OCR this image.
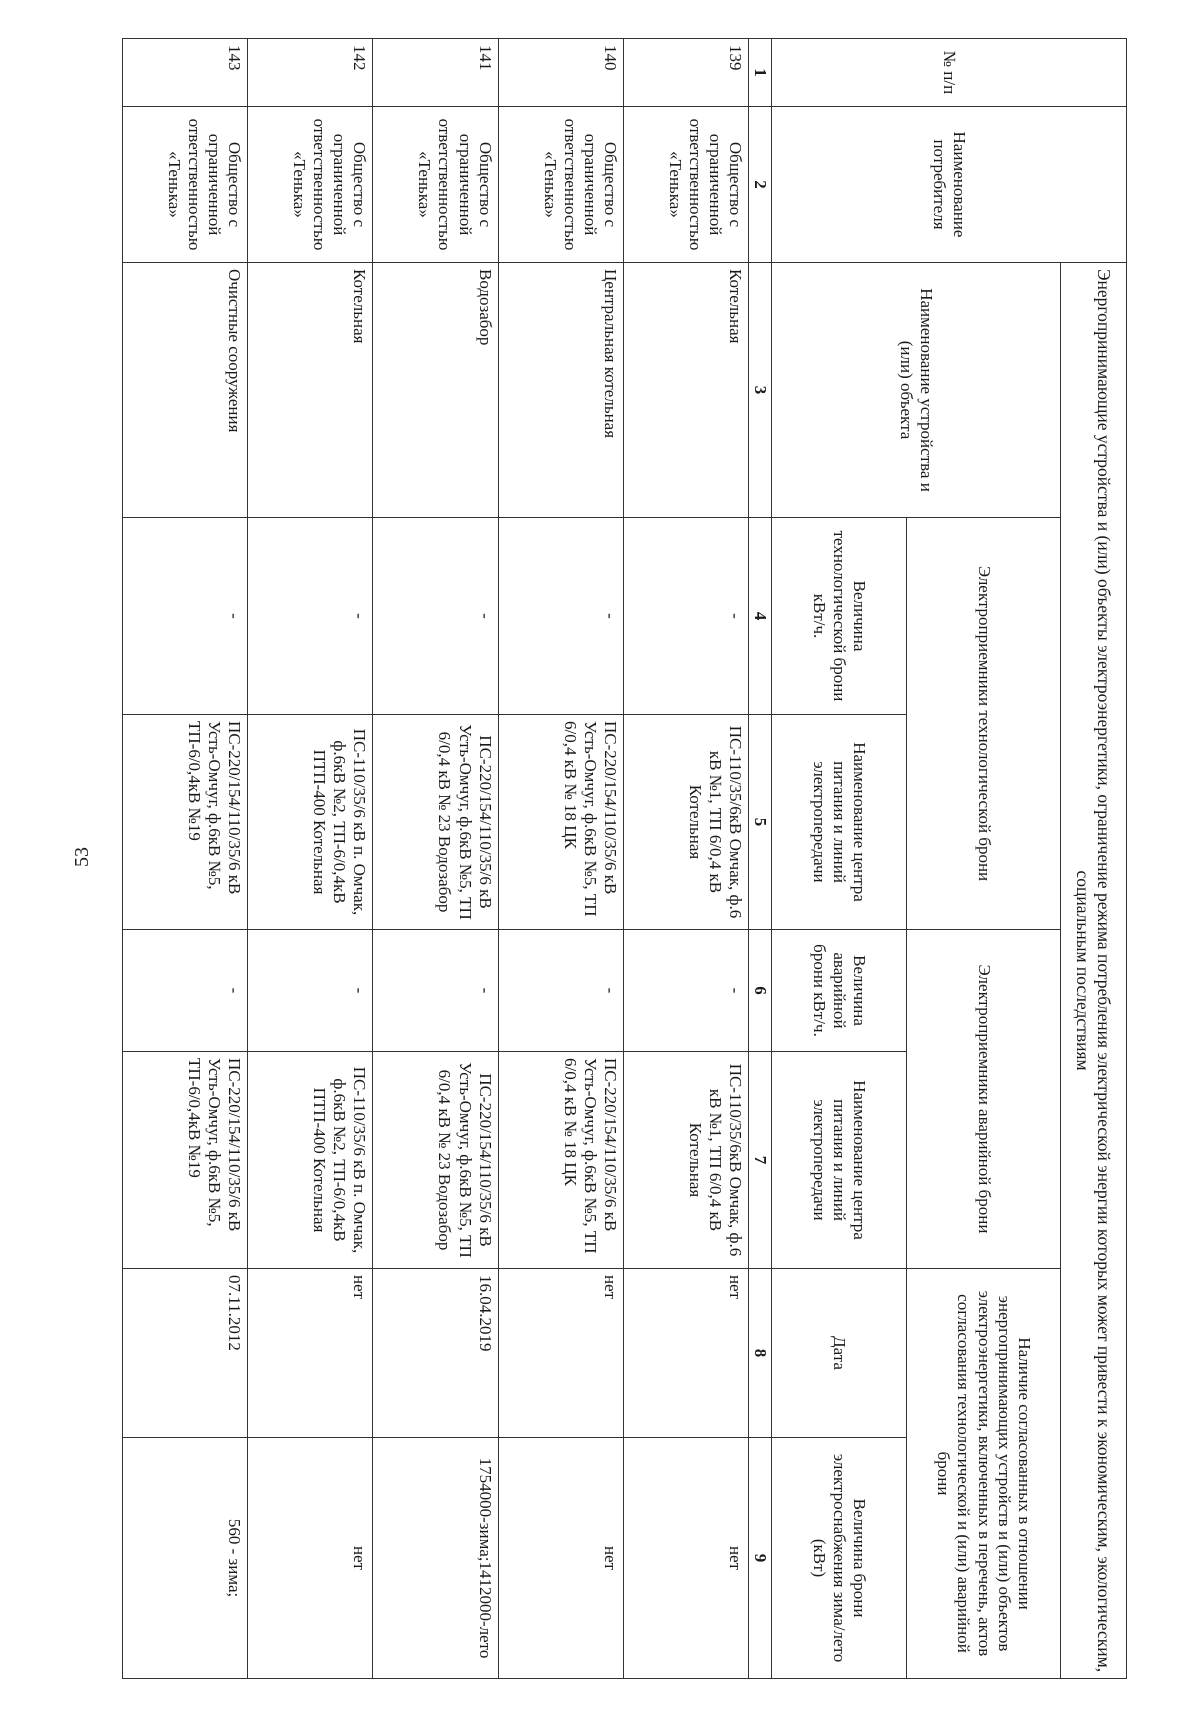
53
№ п/п	Наименование потребителя	Энергопринимающие устройства и (или) объекты электроэнергетики, ограничение режима потребления электрической энергии которых может привести к экономическим, экологическим, социальным последствиям						
		Наименование устройства и (или) объекта	Электроприемники технологической брони		Электроприемники аварийной брони		Наличие согласованных в отношении энергопринимающих устройств и (или) объектов электроэнергетики, включенных в перечень, актов согласования технологической и (или) аварийной брони	
			Величина технологической брони кВт/ч.	Наименование центра питания и линий электропередачи	Величина аварийной брони кВт/ч.	Наименование центра питания и линий электропередачи	Дата	Величина брони электроснабжения зима/лето (кВт)
1	2	3	4	5	6	7	8	9
139	Общество с ограниченной ответственностью «Тенька»	Котельная	-	ПС-110/35/6кВ Омчак, ф.6 кВ №1, ТП 6/0,4 кВ Котельная	-	ПС-110/35/6кВ Омчак, ф.6 кВ №1, ТП 6/0,4 кВ Котельная	нет	нет
140	Общество с ограниченной ответственностью «Тенька»	Центральная котельная	-	ПС-220/154/110/35/6 кВ Усть-Омчуг, ф.6кВ №5, ТП 6/0,4 кВ № 18 ЦК	-	ПС-220/154/110/35/6 кВ Усть-Омчуг, ф.6кВ №5, ТП 6/0,4 кВ № 18 ЦК	нет	нет
141	Общество с ограниченной ответственностью «Тенька»	Водозабор	-	ПС-220/154/110/35/6 кВ Усть-Омчуг, ф.6кВ №5, ТП 6/0,4 кВ № 23 Водозабор	-	ПС-220/154/110/35/6 кВ Усть-Омчуг, ф.6кВ №5, ТП 6/0,4 кВ № 23 Водозабор	16.04.2019	1754000-зима;1412000-лето
142	Общество с ограниченной ответственностью «Тенька»	Котельная	-	ПС-110/35/6 кВ п. Омчак, ф.6кВ №2, ТП-6/0,4кВ ПТП-400 Котельная	-	ПС-110/35/6 кВ п. Омчак, ф.6кВ №2, ТП-6/0,4кВ ПТП-400 Котельная	нет	нет
143	Общество с ограниченной ответственностью «Тенька»	Очистные сооружения	-	ПС-220/154/110/35/6 кВ Усть-Омчуг, ф.6кВ №5, ТП-6/0,4кВ №19	-	ПС-220/154/110/35/6 кВ Усть-Омчуг, ф.6кВ №5, ТП-6/0,4кВ №19	07.11.2012	560 - зима;
